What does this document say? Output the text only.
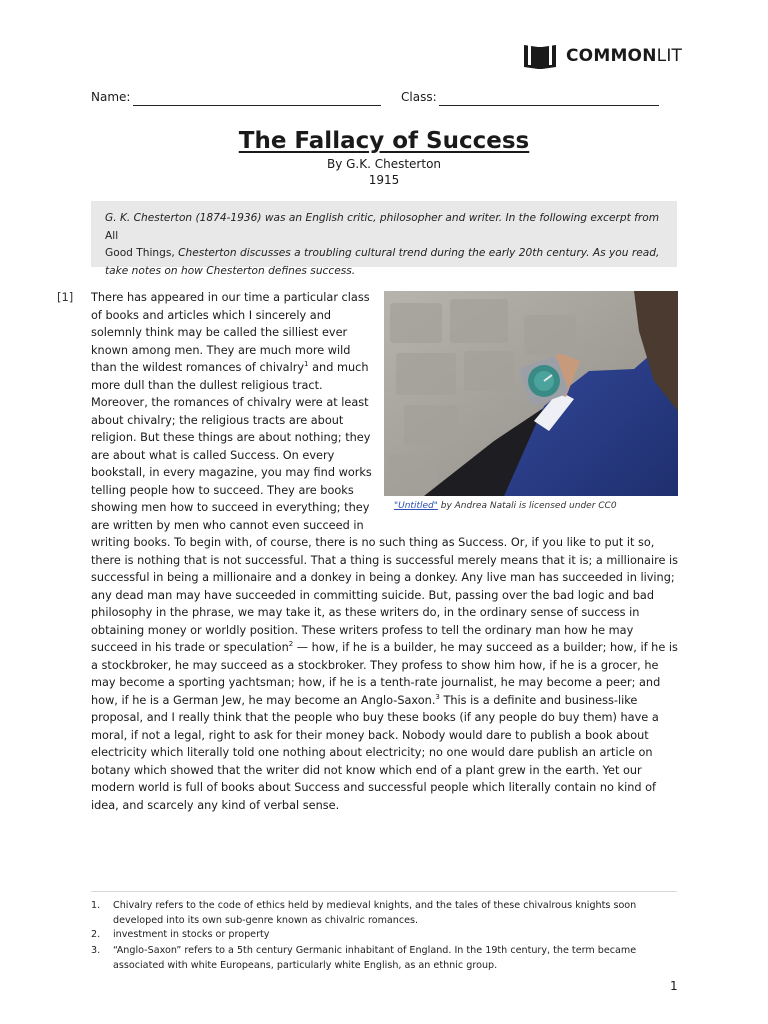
COMMONLIT
Name:	Class:
The Fallacy of Success
By G.K. Chesterton
1915
G. K. Chesterton (1874-1936) was an English critic, philosopher and writer. In the following excerpt from All
Good Things, Chesterton discusses a troubling cultural trend during the early 20th century. As you read,
take notes on how Chesterton defines success.
[1] There has appeared in our time a particular class
of books and articles which I sincerely and
solemnly think may be called the silliest ever
known among men. They are much more wild
than the wildest romances of chivalry$^1$ and much
more dull than the dullest religious tract.
Moreover, the romances of chivalry were at least
about chivalry; the religious tracts are about
religion. But these things are about nothing; they
are about what is called Success. On every
bookstall, in every magazine, you may find works
telling people how to succeed. They are books
showing men how to succeed in everything; they
are written by men who cannot even succeed in
writing books. To begin with, of course, there is no such thing as Success. Or, if you like to put it so,
there is nothing that is not successful. That a thing is successful merely means that it is; a millionaire is
successful in being a millionaire and a donkey in being a donkey. Any live man has succeeded in living;
any dead man may have succeeded in committing suicide. But, passing over the bad logic and bad
philosophy in the phrase, we may take it, as these writers do, in the ordinary sense of success in
obtaining money or worldly position. These writers profess to tell the ordinary man how he may
succeed in his trade or speculation$^2$ — how, if he is a builder, he may succeed as a builder; how, if he is
a stockbroker, he may succeed as a stockbroker. They profess to show him how, if he is a grocer, he
may become a sporting yachtsman; how, if he is a tenth-rate journalist, he may become a peer; and
how, if he is a German Jew, he may become an Anglo-Saxon.$^3$ This is a definite and business-like
proposal, and I really think that the people who buy these books (if any people do buy them) have a
moral, if not a legal, right to ask for their money back. Nobody would dare to publish a book about
electricity which literally told one nothing about electricity; no one would dare publish an article on
botany which showed that the writer did not know which end of a plant grew in the earth. Yet our
modern world is full of books about Success and successful people which literally contain no kind of
idea, and scarcely any kind of verbal sense.
"Untitled" by Andrea Natali is licensed under CC0
1. Chivalry refers to the code of ethics held by medieval knights, and the tales of these chivalrous knights soon
developed into its own sub-genre known as chivalric romances.
2. investment in stocks or property
3. “Anglo-Saxon” refers to a 5th century Germanic inhabitant of England. In the 19th century, the term became
associated with white Europeans, particularly white English, as an ethnic group.
1
